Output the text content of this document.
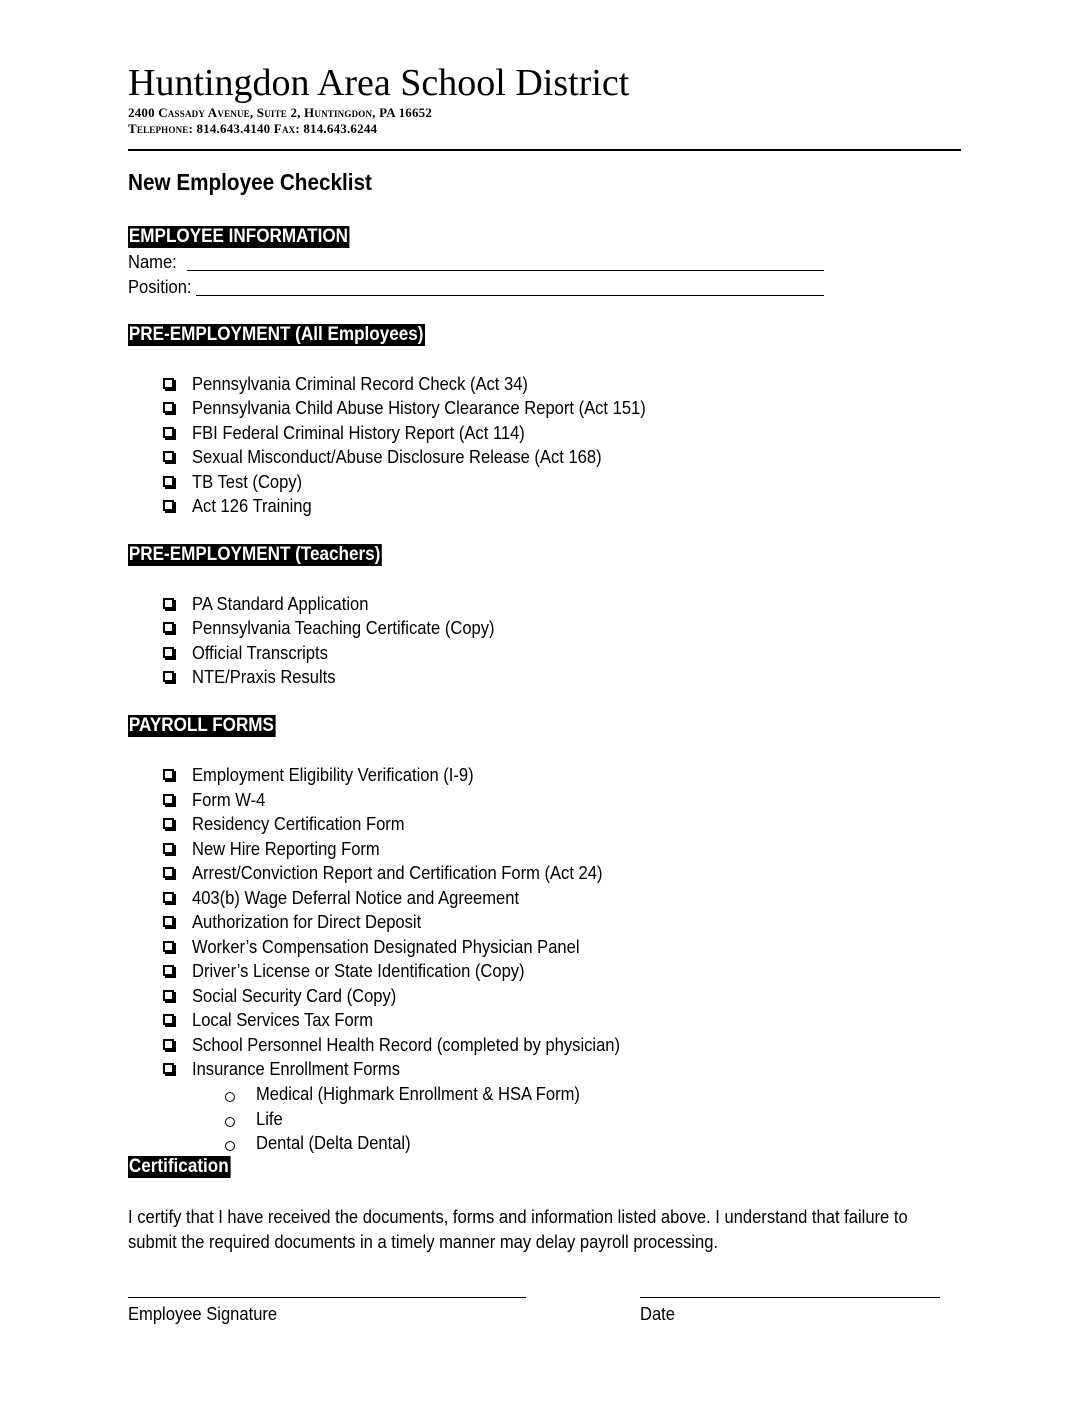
Huntingdon Area School District
2400 Cassady Avenue, Suite 2, Huntingdon, PA 16652
Telephone: 814.643.4140 Fax: 814.643.6244
New Employee Checklist
EMPLOYEE INFORMATION
Name:
Position:
PRE-EMPLOYMENT (All Employees)
Pennsylvania Criminal Record Check (Act 34)
Pennsylvania Child Abuse History Clearance Report (Act 151)
FBI Federal Criminal History Report (Act 114)
Sexual Misconduct/Abuse Disclosure Release (Act 168)
TB Test (Copy)
Act 126 Training
PRE-EMPLOYMENT (Teachers)
PA Standard Application
Pennsylvania Teaching Certificate (Copy)
Official Transcripts
NTE/Praxis Results
PAYROLL FORMS
Employment Eligibility Verification (I-9)
Form W-4
Residency Certification Form
New Hire Reporting Form
Arrest/Conviction Report and Certification Form (Act 24)
403(b) Wage Deferral Notice and Agreement
Authorization for Direct Deposit
Worker’s Compensation Designated Physician Panel
Driver’s License or State Identification (Copy)
Social Security Card (Copy)
Local Services Tax Form
School Personnel Health Record (completed by physician)
Insurance Enrollment Forms
Medical (Highmark Enrollment & HSA Form)
Life
Dental (Delta Dental)
Certification
I certify that I have received the documents, forms and information listed above. I understand that failure to
submit the required documents in a timely manner may delay payroll processing.
Employee Signature	Date
